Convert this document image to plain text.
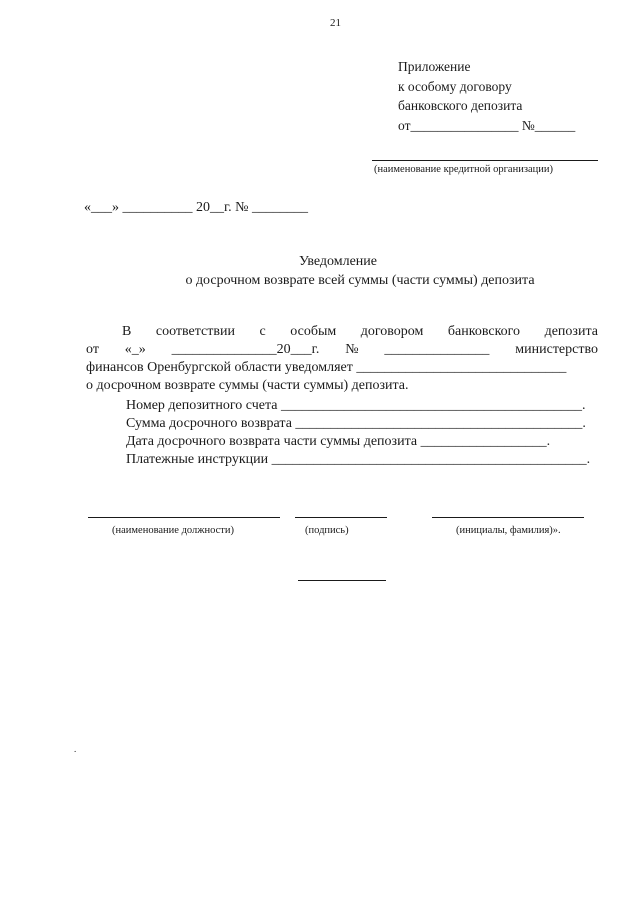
21
Приложение
к особому договору
банковского депозита
от________________ №______
(наименование кредитной организации)
«___» __________ 20__г. № ________
Уведомление
о досрочном возврате всей суммы (части суммы) депозита
В соответствии с особым договором банковского депозита
от «_» _______________20___г. № _______________ министерство
финансов Оренбургской области уведомляет ______________________________
о досрочном возврате суммы (части суммы) депозита.
Номер депозитного счета ___________________________________________.
Сумма досрочного возврата _________________________________________.
Дата досрочного возврата части суммы депозита __________________.
Платежные инструкции _____________________________________________.
(наименование должности)	(подпись)	(инициалы, фамилия)».
.
